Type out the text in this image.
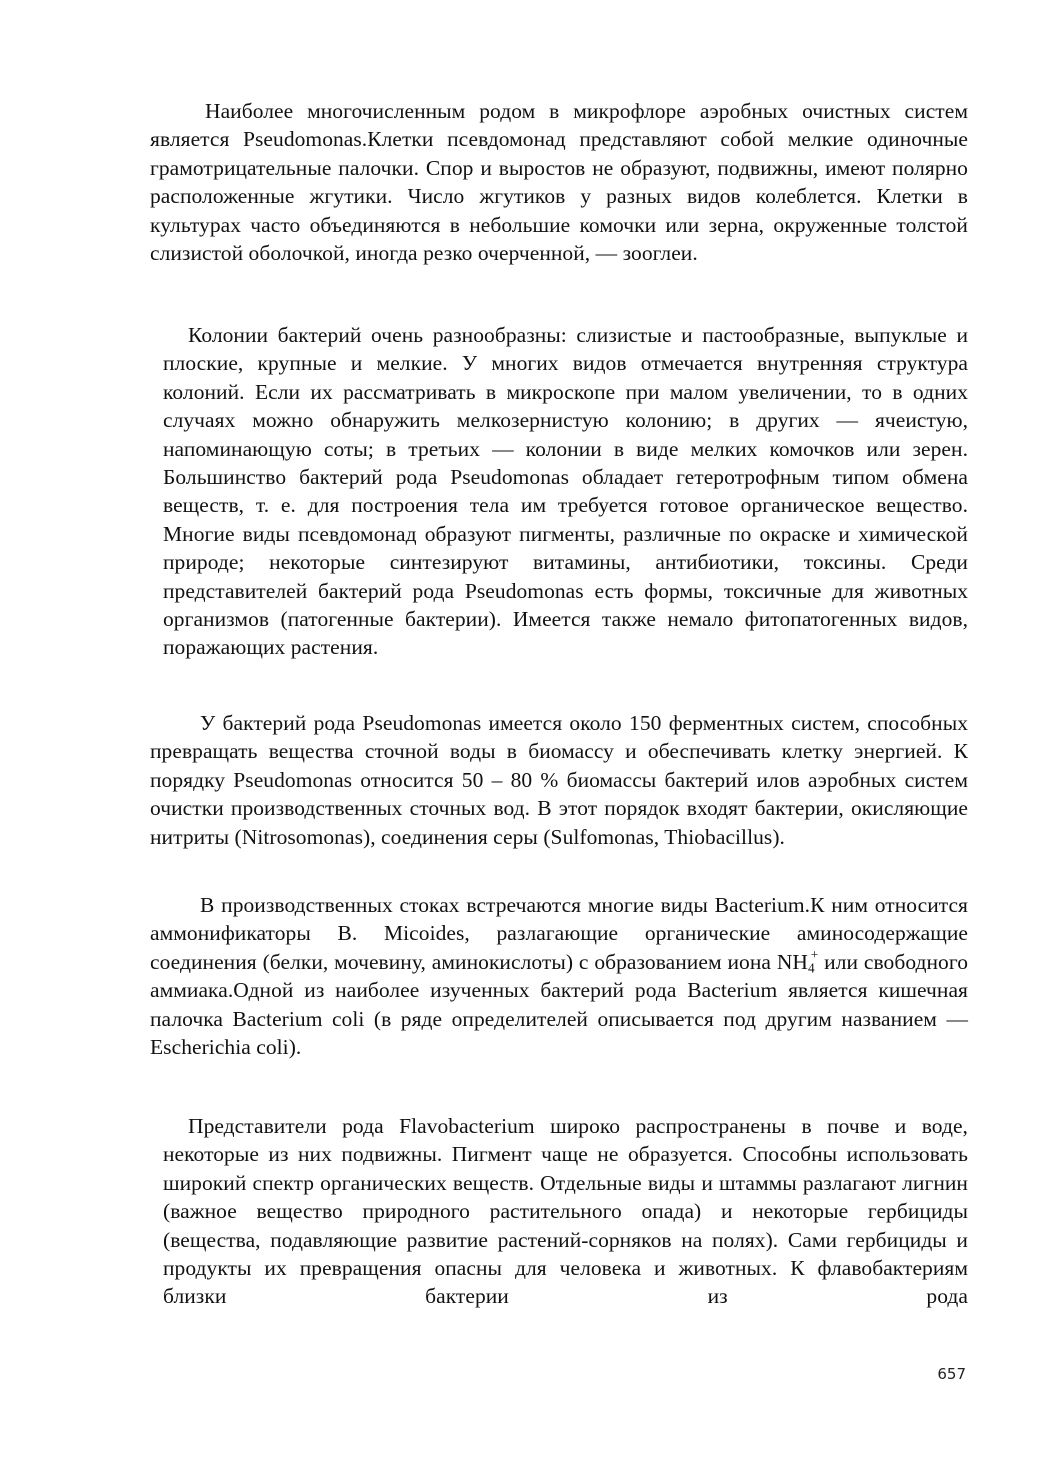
Наиболее многочисленным родом в микрофлоре аэробных очистных систем является Pseudomonas.Клетки псевдомонад представляют собой мелкие одиночные грамотрицательные палочки. Спор и выростов не образуют, подвижны, имеют полярно расположенные жгутики. Число жгутиков у разных видов колеблется. Клетки в культурах часто объединяются в небольшие комочки или зерна, окруженные толстой слизистой оболочкой, иногда резко очерченной, — зооглеи.

Колонии бактерий очень разнообразны: слизистые и пастообразные, выпуклые и плоские, крупные и мелкие. У многих видов отмечается внутренняя структура колоний. Если их рассматривать в микроскопе при малом увеличении, то в одних случаях можно обнаружить мелкозернистую колонию; в других — ячеистую, напоминающую соты; в третьих — колонии в виде мелких комочков или зерен. Большинство бактерий рода Pseudomonas обладает гетеротрофным типом обмена веществ, т. е. для построения тела им требуется готовое органическое вещество. Многие виды псевдомонад образуют пигменты, различные по окраске и химической природе; некоторые синтезируют витамины, антибиотики, токсины. Среди представителей бактерий рода Pseudomonas есть формы, токсичные для животных организмов (патогенные бактерии). Имеется также немало фитопатогенных видов, поражающих растения.

У бактерий рода Pseudomonas имеется около 150 ферментных систем, способных превращать вещества сточной воды в биомассу и обеспечивать клетку энергией. К порядку Pseudomonas относится 50 – 80 % биомассы бактерий илов аэробных систем очистки производственных сточных вод. В этот порядок входят бактерии, окисляющие нитриты (Nitrosomonas), соединения серы (Sulfomonas, Thiobacillus).

В производственных стоках встречаются многие виды Bacterium.К ним относится аммонификаторы B. Micoides, разлагающие органические аминосодержащие соединения (белки, мочевину, аминокислоты) с образованием иона $NH_4^+$ или свободного аммиака.Одной из наиболее изученных бактерий рода Bacterium является кишечная палочка Bacterium coli (в ряде определителей описывается под другим названием — Escherichia coli).

Представители рода Flavobacterium широко распространены в почве и воде, некоторые из них подвижны. Пигмент чаще не образуется. Способны использовать широкий спектр органических веществ. Отдельные виды и штаммы разлагают лигнин (важное вещество природного растительного опада) и некоторые гербициды (вещества, подавляющие развитие растений-сорняков на полях). Сами гербициды и продукты их превращения опасны для человека и животных. К флавобактериям близки бактерии из рода

657
